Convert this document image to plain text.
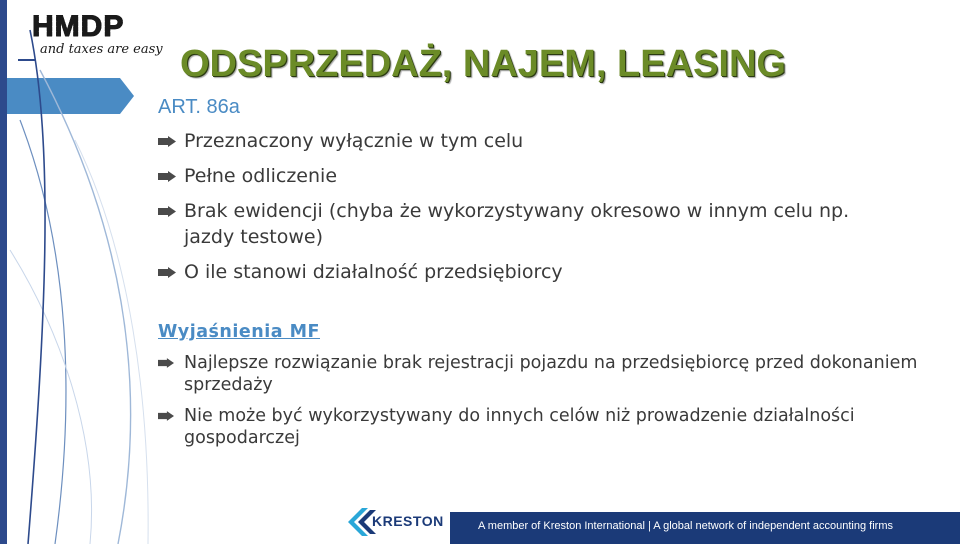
HMDP
and taxes are easy ODSPRZEDAŻ, NAJEM, LEASING
ART. 86a
Przeznaczony wyłącznie w tym celu
Pełne odliczenie
Brak ewidencji (chyba że wykorzystywany okresowo w innym celu np. jazdy testowe)
O ile stanowi działalność przedsiębiorcy
Wyjaśnienia MF
Najlepsze rozwiązanie brak rejestracji pojazdu na przedsiębiorcę przed dokonaniem sprzedaży
Nie może być wykorzystywany do innych celów niż prowadzenie działalności gospodarczej
KRESTON	A member of Kreston International | A global network of independent accounting firms
